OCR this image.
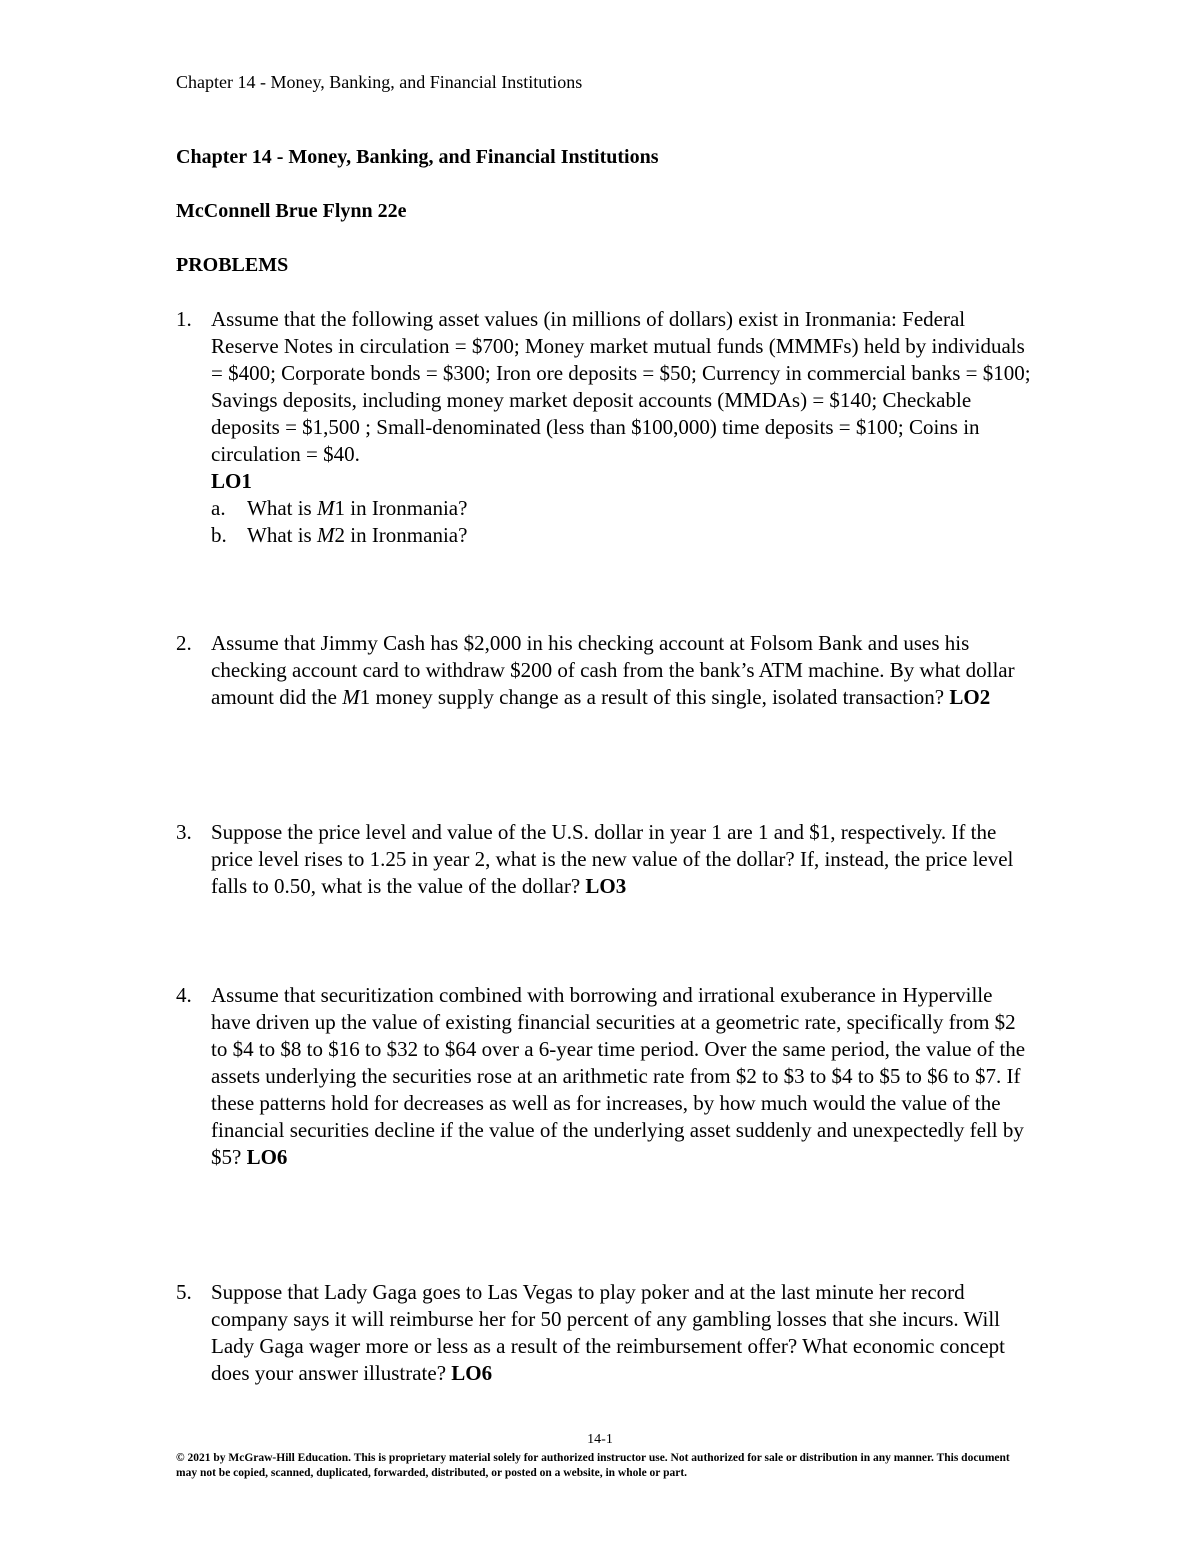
Chapter 14 - Money, Banking, and Financial Institutions
Chapter 14 - Money, Banking, and Financial Institutions
McConnell Brue Flynn 22e
PROBLEMS
1. Assume that the following asset values (in millions of dollars) exist in Ironmania: Federal Reserve Notes in circulation = $700; Money market mutual funds (MMMFs) held by individuals = $400; Corporate bonds = $300; Iron ore deposits = $50; Currency in commercial banks = $100; Savings deposits, including money market deposit accounts (MMDAs) = $140; Checkable deposits = $1,500 ; Small-denominated (less than $100,000) time deposits = $100; Coins in circulation = $40.
LO1
a. What is M1 in Ironmania?
b. What is M2 in Ironmania?
2. Assume that Jimmy Cash has $2,000 in his checking account at Folsom Bank and uses his checking account card to withdraw $200 of cash from the bank’s ATM machine. By what dollar amount did the M1 money supply change as a result of this single, isolated transaction? LO2
3. Suppose the price level and value of the U.S. dollar in year 1 are 1 and $1, respectively. If the price level rises to 1.25 in year 2, what is the new value of the dollar? If, instead, the price level falls to 0.50, what is the value of the dollar? LO3
4. Assume that securitization combined with borrowing and irrational exuberance in Hyperville have driven up the value of existing financial securities at a geometric rate, specifically from $2 to $4 to $8 to $16 to $32 to $64 over a 6-year time period. Over the same period, the value of the assets underlying the securities rose at an arithmetic rate from $2 to $3 to $4 to $5 to $6 to $7. If these patterns hold for decreases as well as for increases, by how much would the value of the financial securities decline if the value of the underlying asset suddenly and unexpectedly fell by $5? LO6
5. Suppose that Lady Gaga goes to Las Vegas to play poker and at the last minute her record company says it will reimburse her for 50 percent of any gambling losses that she incurs. Will Lady Gaga wager more or less as a result of the reimbursement offer? What economic concept does your answer illustrate? LO6
14-1
© 2021 by McGraw-Hill Education. This is proprietary material solely for authorized instructor use. Not authorized for sale or distribution in any manner. This document may not be copied, scanned, duplicated, forwarded, distributed, or posted on a website, in whole or part.
